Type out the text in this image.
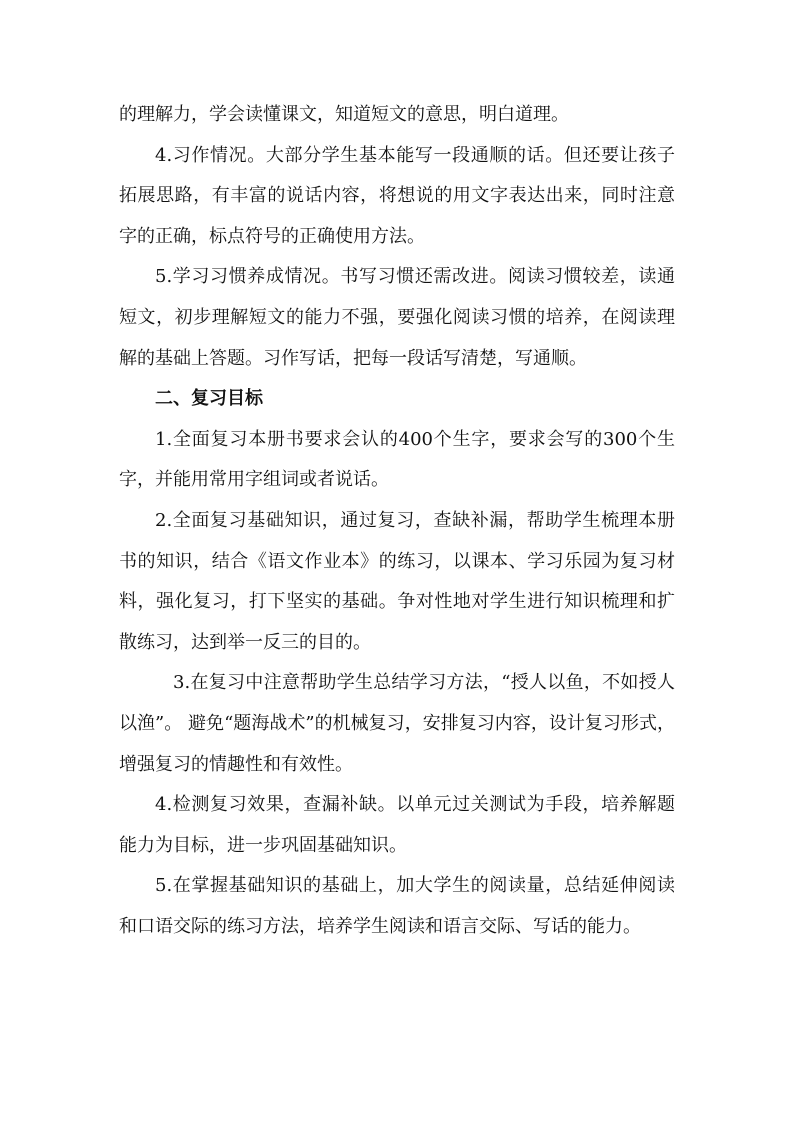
的理解力，学会读懂课文，知道短文的意思，明白道理。

4.习作情况。大部分学生基本能写一段通顺的话。但还要让孩子拓展思路，有丰富的说话内容，将想说的用文字表达出来，同时注意字的正确，标点符号的正确使用方法。

5.学习习惯养成情况。书写习惯还需改进。阅读习惯较差，读通短文，初步理解短文的能力不强，要强化阅读习惯的培养，在阅读理解的基础上答题。习作写话，把每一段话写清楚，写通顺。

二、复习目标

1.全面复习本册书要求会认的400个生字，要求会写的300个生字，并能用常用字组词或者说话。

2.全面复习基础知识，通过复习，查缺补漏，帮助学生梳理本册书的知识，结合《语文作业本》的练习，以课本、学习乐园为复习材料，强化复习，打下坚实的基础。争对性地对学生进行知识梳理和扩散练习，达到举一反三的目的。

3.在复习中注意帮助学生总结学习方法，“授人以鱼，不如授人以渔”。 避免“题海战术”的机械复习，安排复习内容，设计复习形式，增强复习的情趣性和有效性。

4.检测复习效果，查漏补缺。以单元过关测试为手段，培养解题能力为目标，进一步巩固基础知识。

5.在掌握基础知识的基础上，加大学生的阅读量，总结延伸阅读和口语交际的练习方法，培养学生阅读和语言交际、写话的能力。
